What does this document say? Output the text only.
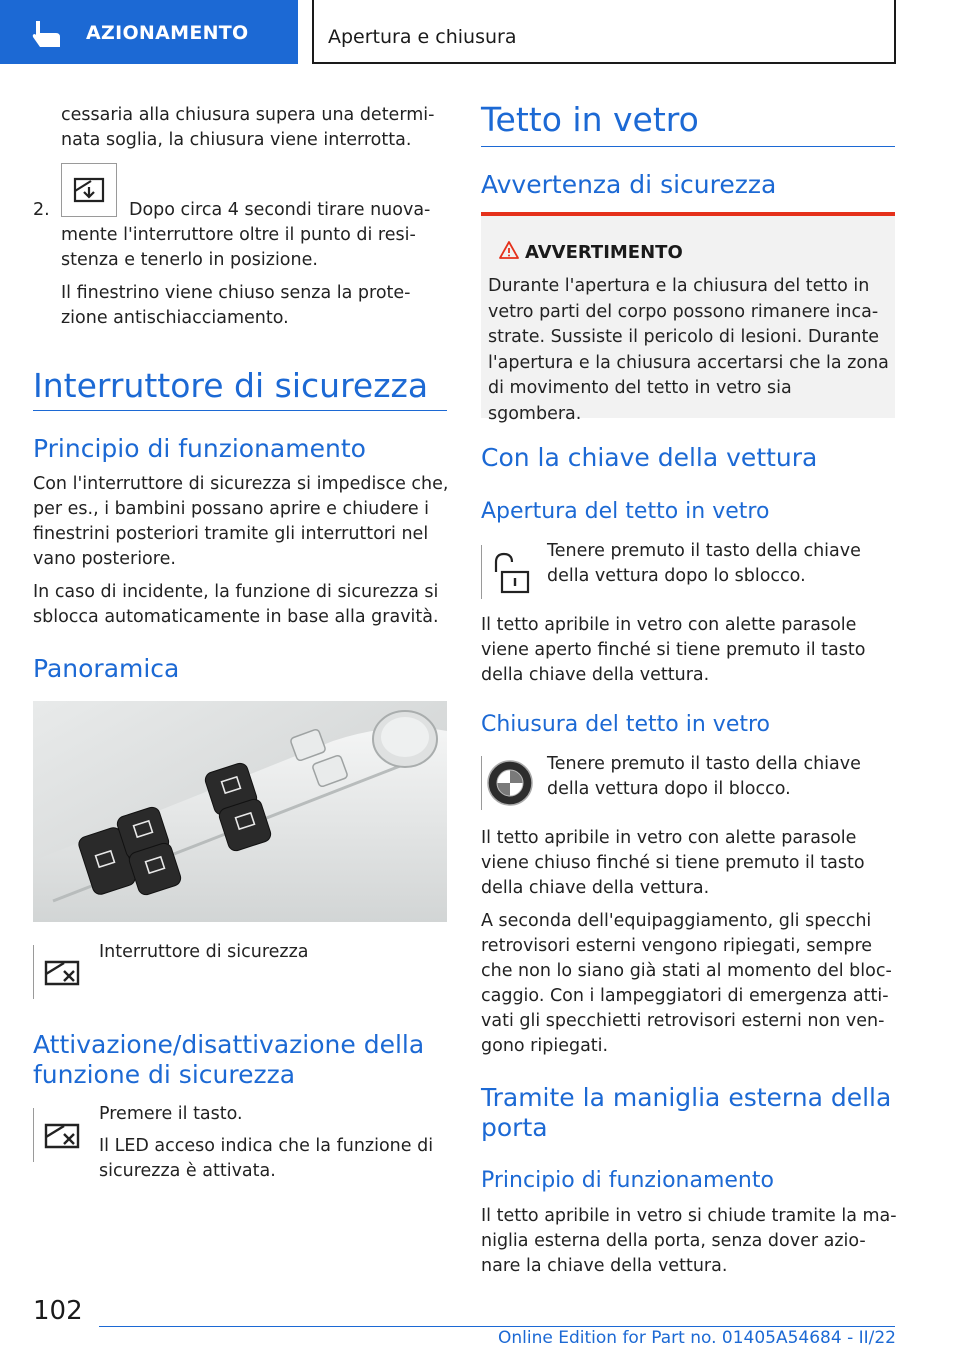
AZIONAMENTO	Apertura e chiusura
cessaria alla chiusura supera una determi-
nata soglia, la chiusura viene interrotta.
2.	Dopo circa 4 secondi tirare nuova-
mente l'interruttore oltre il punto di resi-
stenza e tenerlo in posizione.
Il finestrino viene chiuso senza la prote-
zione antischiacciamento.
Interruttore di sicurezza
Principio di funzionamento
Con l'interruttore di sicurezza si impedisce che,
per es., i bambini possano aprire e chiudere i
finestrini posteriori tramite gli interruttori nel
vano posteriore.
In caso di incidente, la funzione di sicurezza si
sblocca automaticamente in base alla gravità.
Panoramica
Interruttore di sicurezza
Attivazione/disattivazione della
funzione di sicurezza
Premere il tasto.
Il LED acceso indica che la funzione di
sicurezza è attivata.
Tetto in vetro
Avvertenza di sicurezza
AVVERTIMENTO
Durante l'apertura e la chiusura del tetto in
vetro parti del corpo possono rimanere inca-
strate. Sussiste il pericolo di lesioni. Durante
l'apertura e la chiusura accertarsi che la zona
di movimento del tetto in vetro sia sgombera.
Con la chiave della vettura
Apertura del tetto in vetro
Tenere premuto il tasto della chiave
della vettura dopo lo sblocco.
Il tetto apribile in vetro con alette parasole
viene aperto finché si tiene premuto il tasto
della chiave della vettura.
Chiusura del tetto in vetro
Tenere premuto il tasto della chiave
della vettura dopo il blocco.
Il tetto apribile in vetro con alette parasole
viene chiuso finché si tiene premuto il tasto
della chiave della vettura.
A seconda dell'equipaggiamento, gli specchi
retrovisori esterni vengono ripiegati, sempre
che non lo siano già stati al momento del bloc-
caggio. Con i lampeggiatori di emergenza atti-
vati gli specchietti retrovisori esterni non ven-
gono ripiegati.
Tramite la maniglia esterna della
porta
Principio di funzionamento
Il tetto apribile in vetro si chiude tramite la ma-
niglia esterna della porta, senza dover azio-
nare la chiave della vettura.
102
Online Edition for Part no. 01405A54684 - II/22
